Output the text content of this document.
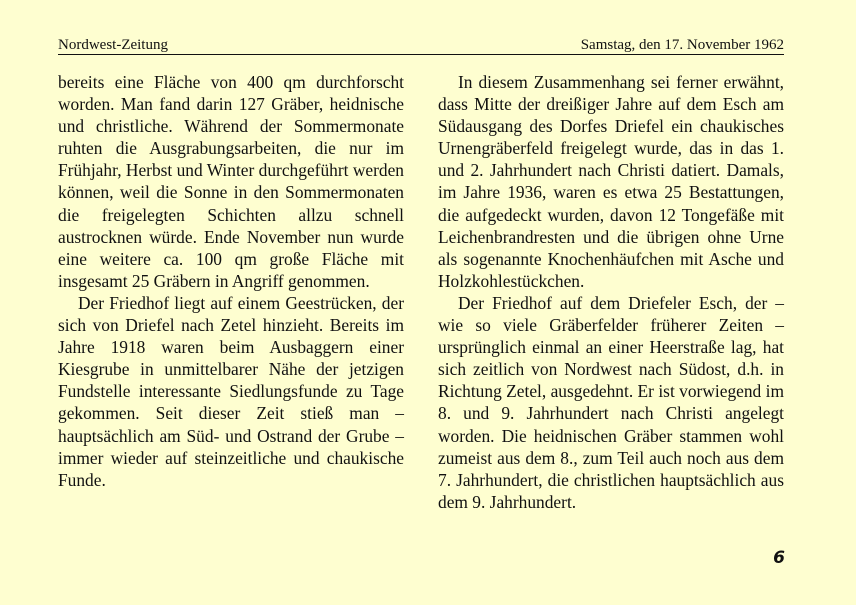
Nordwest-Zeitung	Samstag, den 17. November 1962

bereits eine Fläche von 400 qm durchforscht worden. Man fand darin 127 Gräber, heidnische und christliche. Während der Sommermonate ruhten die Ausgrabungsarbeiten, die nur im Frühjahr, Herbst und Winter durchgeführt werden können, weil die Sonne in den Sommermonaten die freigelegten Schichten allzu schnell austrocknen würde. Ende November nun wurde eine weitere ca. 100 qm große Fläche mit insgesamt 25 Gräbern in Angriff genommen.

Der Friedhof liegt auf einem Geestrücken, der sich von Driefel nach Zetel hinzieht. Bereits im Jahre 1918 waren beim Ausbaggern einer Kiesgrube in unmittelbarer Nähe der jetzigen Fundstelle interessante Siedlungsfunde zu Tage gekommen. Seit dieser Zeit stieß man – hauptsächlich am Süd- und Ostrand der Grube – immer wieder auf steinzeitliche und chaukische Funde.

In diesem Zusammenhang sei ferner erwähnt, dass Mitte der dreißiger Jahre auf dem Esch am Südausgang des Dorfes Driefel ein chaukisches Urnengräberfeld freigelegt wurde, das in das 1. und 2. Jahrhundert nach Christi datiert. Damals, im Jahre 1936, waren es etwa 25 Bestattungen, die aufgedeckt wurden, davon 12 Tongefäße mit Leichenbrandresten und die übrigen ohne Urne als sogenannte Knochenhäufchen mit Asche und Holzkohlestückchen.

Der Friedhof auf dem Driefeler Esch, der – wie so viele Gräberfelder früherer Zeiten – ursprünglich einmal an einer Heerstraße lag, hat sich zeitlich von Nordwest nach Südost, d.h. in Richtung Zetel, ausgedehnt. Er ist vorwiegend im 8. und 9. Jahrhundert nach Christi angelegt worden. Die heidnischen Gräber stammen wohl zumeist aus dem 8., zum Teil auch noch aus dem 7. Jahrhundert, die christlichen hauptsächlich aus dem 9. Jahrhundert.

6
